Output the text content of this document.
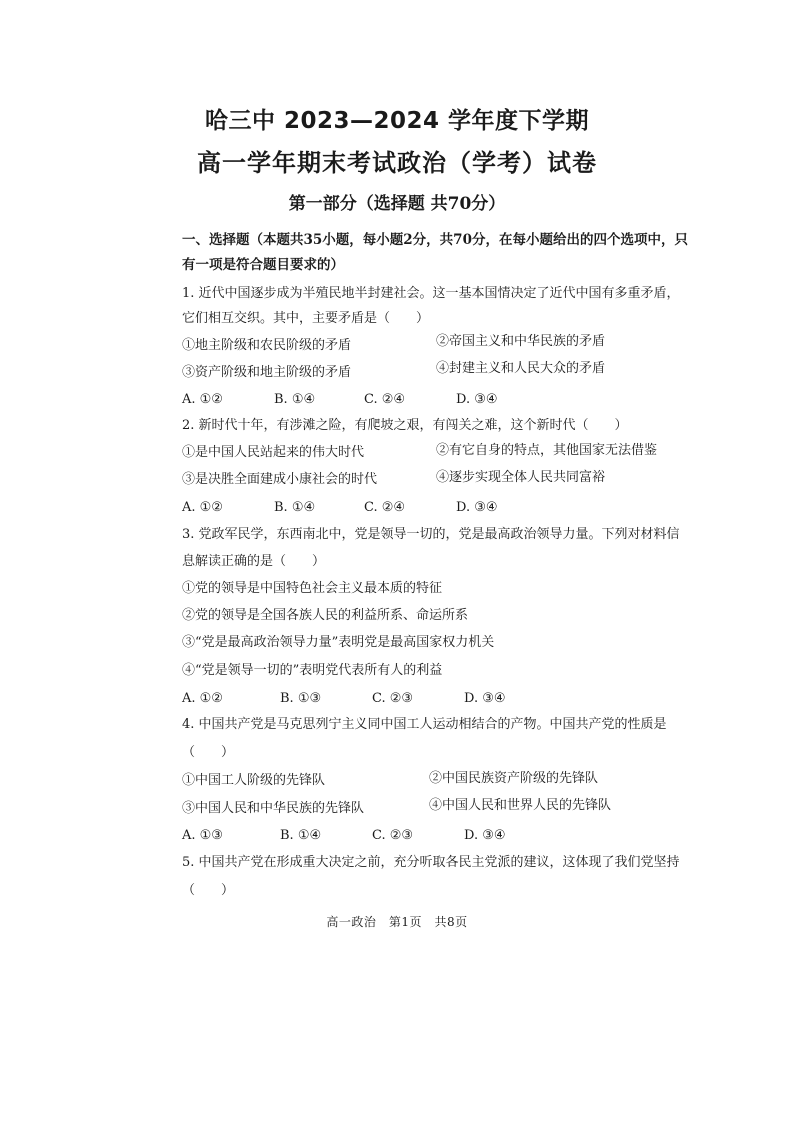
哈三中 2023—2024 学年度下学期
高一学年期末考试政治（学考）试卷
第一部分（选择题 共70分）
一、选择题（本题共35小题，每小题2分，共70分，在每小题给出的四个选项中，只
有一项是符合题目要求的）
1. 近代中国逐步成为半殖民地半封建社会。这一基本国情决定了近代中国有多重矛盾，
它们相互交织。其中，主要矛盾是（　　）
①地主阶级和农民阶级的矛盾	②帝国主义和中华民族的矛盾
③资产阶级和地主阶级的矛盾	④封建主义和人民大众的矛盾
A. ①②	B. ①④	C. ②④	D. ③④
2. 新时代十年，有涉滩之险，有爬坡之艰，有闯关之难，这个新时代（　　）
①是中国人民站起来的伟大时代	②有它自身的特点，其他国家无法借鉴
③是决胜全面建成小康社会的时代	④逐步实现全体人民共同富裕
A. ①②	B. ①④	C. ②④	D. ③④
3. 党政军民学，东西南北中，党是领导一切的，党是最高政治领导力量。下列对材料信
息解读正确的是（　　）
①党的领导是中国特色社会主义最本质的特征
②党的领导是全国各族人民的利益所系、命运所系
③“党是最高政治领导力量”表明党是最高国家权力机关
④“党是领导一切的”表明党代表所有人的利益
A. ①②	B. ①③	C. ②③	D. ③④
4. 中国共产党是马克思列宁主义同中国工人运动相结合的产物。中国共产党的性质是
（　　）
①中国工人阶级的先锋队	②中国民族资产阶级的先锋队
③中国人民和中华民族的先锋队	④中国人民和世界人民的先锋队
A. ①③	B. ①④	C. ②③	D. ③④
5. 中国共产党在形成重大决定之前，充分听取各民主党派的建议，这体现了我们党坚持
（　　）
高一政治　第1页　共8页
